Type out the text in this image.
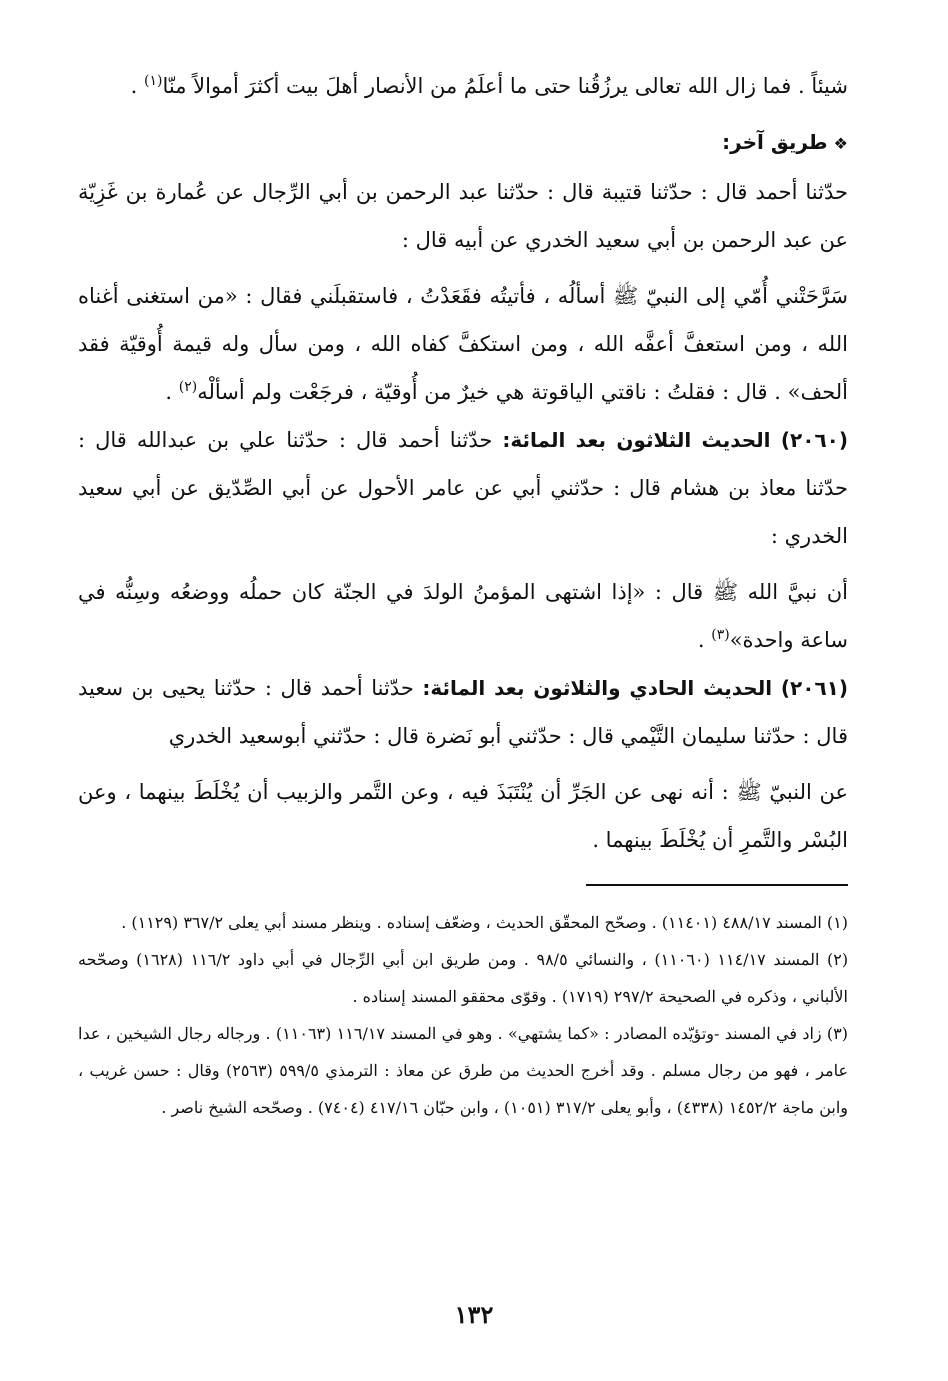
شيئاً . فما زال الله تعالى يرزُقُنا حتى ما أعلَمُ من الأنصار أهلَ بيت أكثرَ أموالاً منّا$^{(١)}$ .

❖طريق آخر:

حدّثنا أحمد قال : حدّثنا قتيبة قال : حدّثنا عبد الرحمن بن أبي الرِّجال عن عُمارة بن غَزِيّة عن عبد الرحمن بن أبي سعيد الخدري عن أبيه قال :

سَرَّحَتْني أُمّي إلى النبيّ ﷺ أسألُه ، فأتيتُه فقَعَدْتُ ، فاستقبلَني فقال : «من استغنى أغناه الله ، ومن استعفَّ أعفَّه الله ، ومن استكفَّ كفاه الله ، ومن سأل وله قيمة أُوقيّة فقد ألحف» . قال : فقلتُ : ناقتي الياقوتة هي خيرٌ من أُوقيّة ، فرجَعْت ولم أسألْه$^{(٢)}$ .

(٢٠٦٠) الحديث الثلاثون بعد المائة: حدّثنا أحمد قال : حدّثنا علي بن عبدالله قال : حدّثنا معاذ بن هشام قال : حدّثني أبي عن عامر الأحول عن أبي الصِّدّيق عن أبي سعيد الخدري :

أن نبيَّ الله ﷺ قال : «إذا اشتهى المؤمنُ الولدَ في الجنّة كان حملُه ووضعُه وسِنُّه في ساعة واحدة»$^{(٣)}$ .

(٢٠٦١) الحديث الحادي والثلاثون بعد المائة: حدّثنا أحمد قال : حدّثنا يحيى بن سعيد قال : حدّثنا سليمان التَّيْمي قال : حدّثني أبو نَضرة قال : حدّثني أبوسعيد الخدري

عن النبيّ ﷺ : أنه نهى عن الجَرِّ أن يُنْتَبَذَ فيه ، وعن التَّمر والزبيب أن يُخْلَطَ بينهما ، وعن البُسْر والتَّمرِ أن يُخْلَطَ بينهما .

(١) المسند ٤٨٨/١٧ (١١٤٠١) . وصحّح المحقّق الحديث ، وضعّف إسناده . وينظر مسند أبي يعلى ٣٦٧/٢ (١١٢٩) .

(٢) المسند ١١٤/١٧ (١١٠٦٠) ، والنسائي ٩٨/٥ . ومن طريق ابن أبي الرِّجال في أبي داود ١١٦/٢ (١٦٢٨) وصحّحه الألباني ، وذكره في الصحيحة ٢٩٧/٢ (١٧١٩) . وقوّى محققو المسند إسناده .

(٣) زاد في المسند -وتؤيّده المصادر : «كما يشتهي» . وهو في المسند ١١٦/١٧ (١١٠٦٣) . ورجاله رجال الشيخين ، عدا عامر ، فهو من رجال مسلم . وقد أخرج الحديث من طرق عن معاذ : الترمذي ٥٩٩/٥ (٢٥٦٣) وقال : حسن غريب ، وابن ماجة ١٤٥٢/٢ (٤٣٣٨) ، وأبو يعلى ٣١٧/٢ (١٠٥١) ، وابن حبّان ٤١٧/١٦ (٧٤٠٤) . وصحّحه الشيخ ناصر .

١٣٢
